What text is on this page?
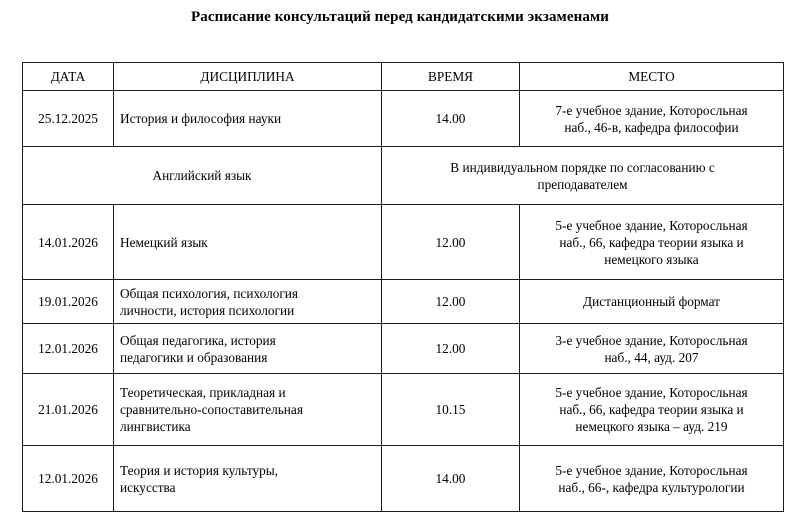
Расписание консультаций перед кандидатскими экзаменами
ДАТА	ДИСЦИПЛИНА	ВРЕМЯ	МЕСТО
25.12.2025	История и философия науки	14.00	7-е учебное здание, Которосльная
наб., 46-в, кафедра философии

Английский язык		В индивидуальном порядке по согласованию с
преподавателем	

14.01.2026	Немецкий язык	12.00	5-е учебное здание, Которосльная
наб., 66, кафедра теории языка и
немецкого языка

19.01.2026	Общая психология, психология
личности, история психологии	12.00	Дистанционный формат

12.01.2026	Общая педагогика, история
педагогики и образования	12.00	3-е учебное здание, Которосльная
наб., 44, ауд. 207

21.01.2026	Теоретическая, прикладная и
сравнительно-сопоставительная
лингвистика	10.15	5-е учебное здание, Которосльная
наб., 66, кафедра теории языка и
немецкого языка – ауд. 219

12.01.2026	Теория и история культуры,
искусства	14.00	5-е учебное здание, Которосльная
наб., 66-, кафедра культурологии
